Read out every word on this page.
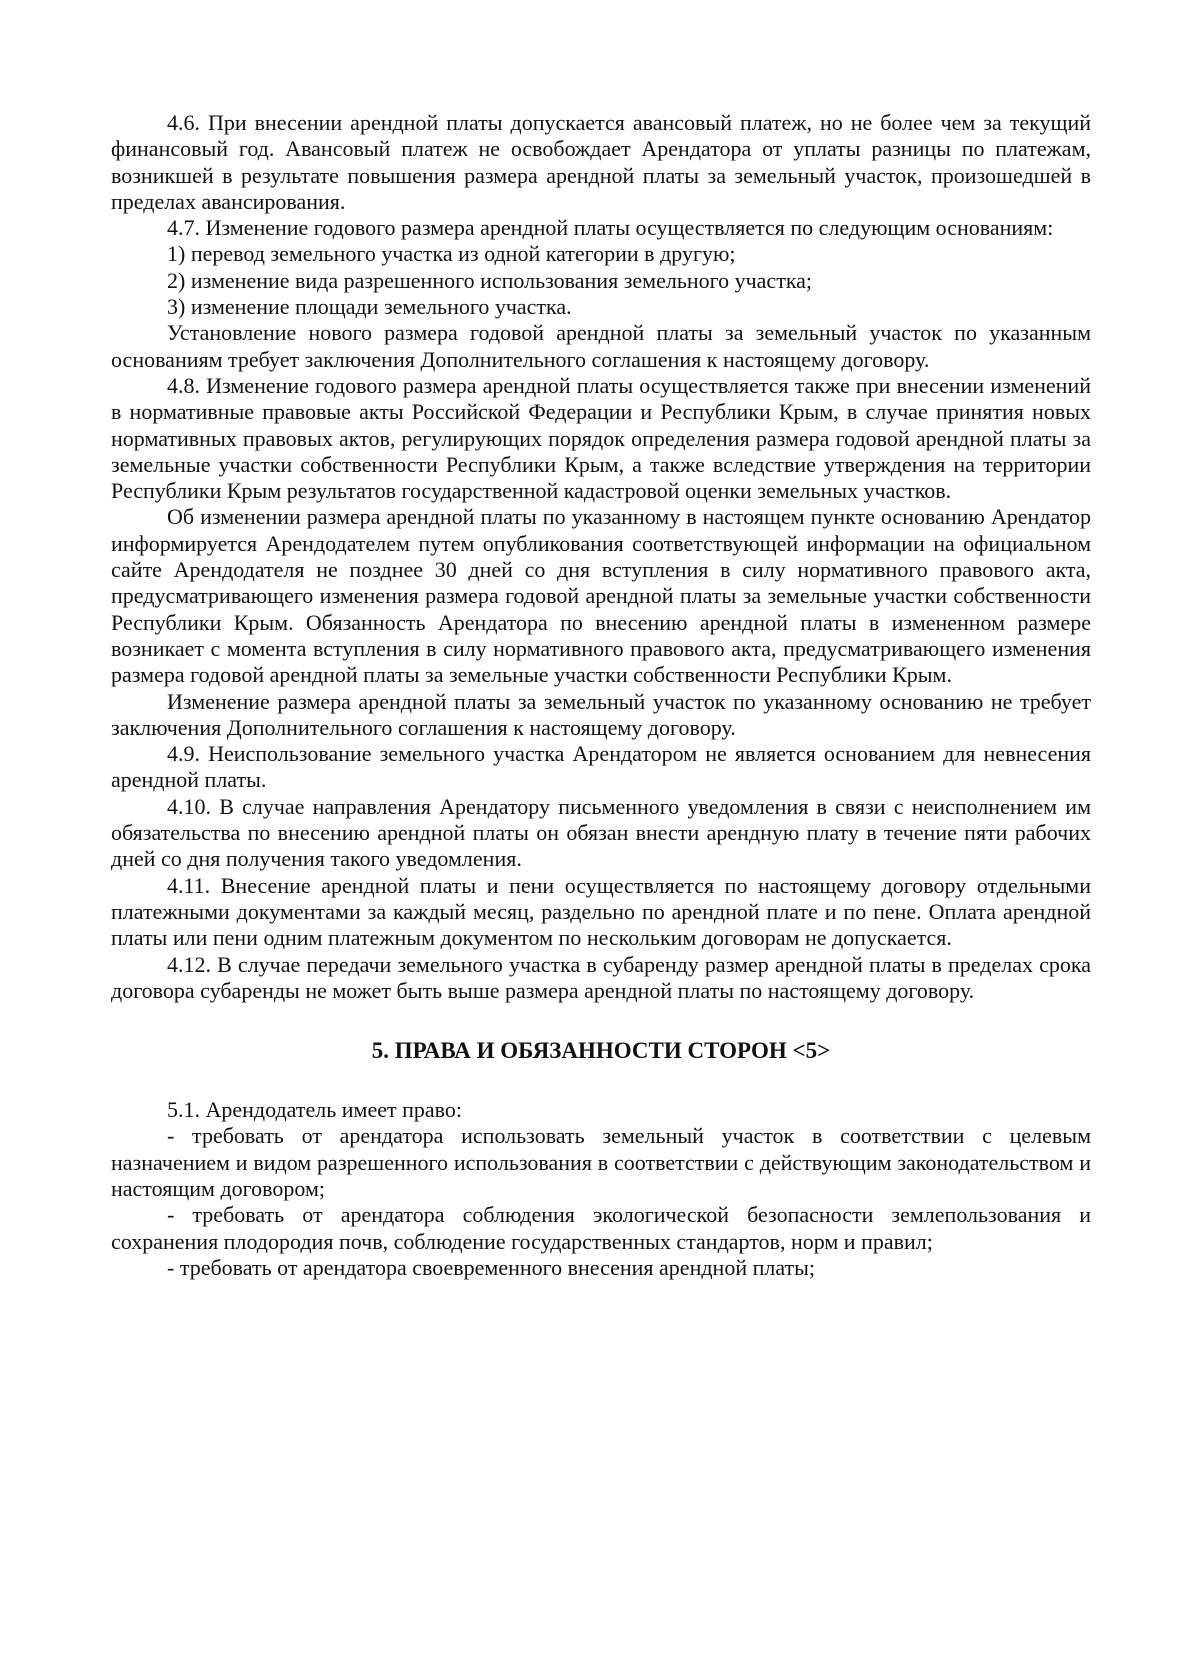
4.6. При внесении арендной платы допускается авансовый платеж, но не более чем за текущий финансовый год. Авансовый платеж не освобождает Арендатора от уплаты разницы по платежам, возникшей в результате повышения размера арендной платы за земельный участок, произошедшей в пределах авансирования.

4.7. Изменение годового размера арендной платы осуществляется по следующим основаниям:

1) перевод земельного участка из одной категории в другую;

2) изменение вида разрешенного использования земельного участка;

3) изменение площади земельного участка.

Установление нового размера годовой арендной платы за земельный участок по указанным основаниям требует заключения Дополнительного соглашения к настоящему договору.

4.8. Изменение годового размера арендной платы осуществляется также при внесении изменений в нормативные правовые акты Российской Федерации и Республики Крым, в случае принятия новых нормативных правовых актов, регулирующих порядок определения размера годовой арендной платы за земельные участки собственности Республики Крым, а также вследствие утверждения на территории Республики Крым результатов государственной кадастровой оценки земельных участков.

Об изменении размера арендной платы по указанному в настоящем пункте основанию Арендатор информируется Арендодателем путем опубликования соответствующей информации на официальном сайте Арендодателя не позднее 30 дней со дня вступления в силу нормативного правового акта, предусматривающего изменения размера годовой арендной платы за земельные участки собственности Республики Крым. Обязанность Арендатора по внесению арендной платы в измененном размере возникает с момента вступления в силу нормативного правового акта, предусматривающего изменения размера годовой арендной платы за земельные участки собственности Республики Крым.

Изменение размера арендной платы за земельный участок по указанному основанию не требует заключения Дополнительного соглашения к настоящему договору.

4.9. Неиспользование земельного участка Арендатором не является основанием для невнесения арендной платы.

4.10. В случае направления Арендатору письменного уведомления в связи с неисполнением им обязательства по внесению арендной платы он обязан внести арендную плату в течение пяти рабочих дней со дня получения такого уведомления.

4.11. Внесение арендной платы и пени осуществляется по настоящему договору отдельными платежными документами за каждый месяц, раздельно по арендной плате и по пене. Оплата арендной платы или пени одним платежным документом по нескольким договорам не допускается.

4.12. В случае передачи земельного участка в субаренду размер арендной платы в пределах срока договора субаренды не может быть выше размера арендной платы по настоящему договору.

5. ПРАВА И ОБЯЗАННОСТИ СТОРОН <5>

5.1. Арендодатель имеет право:

- требовать от арендатора использовать земельный участок в соответствии с целевым назначением и видом разрешенного использования в соответствии с действующим законодательством и настоящим договором;

- требовать от арендатора соблюдения экологической безопасности землепользования и сохранения плодородия почв, соблюдение государственных стандартов, норм и правил;

- требовать от арендатора своевременного внесения арендной платы;
